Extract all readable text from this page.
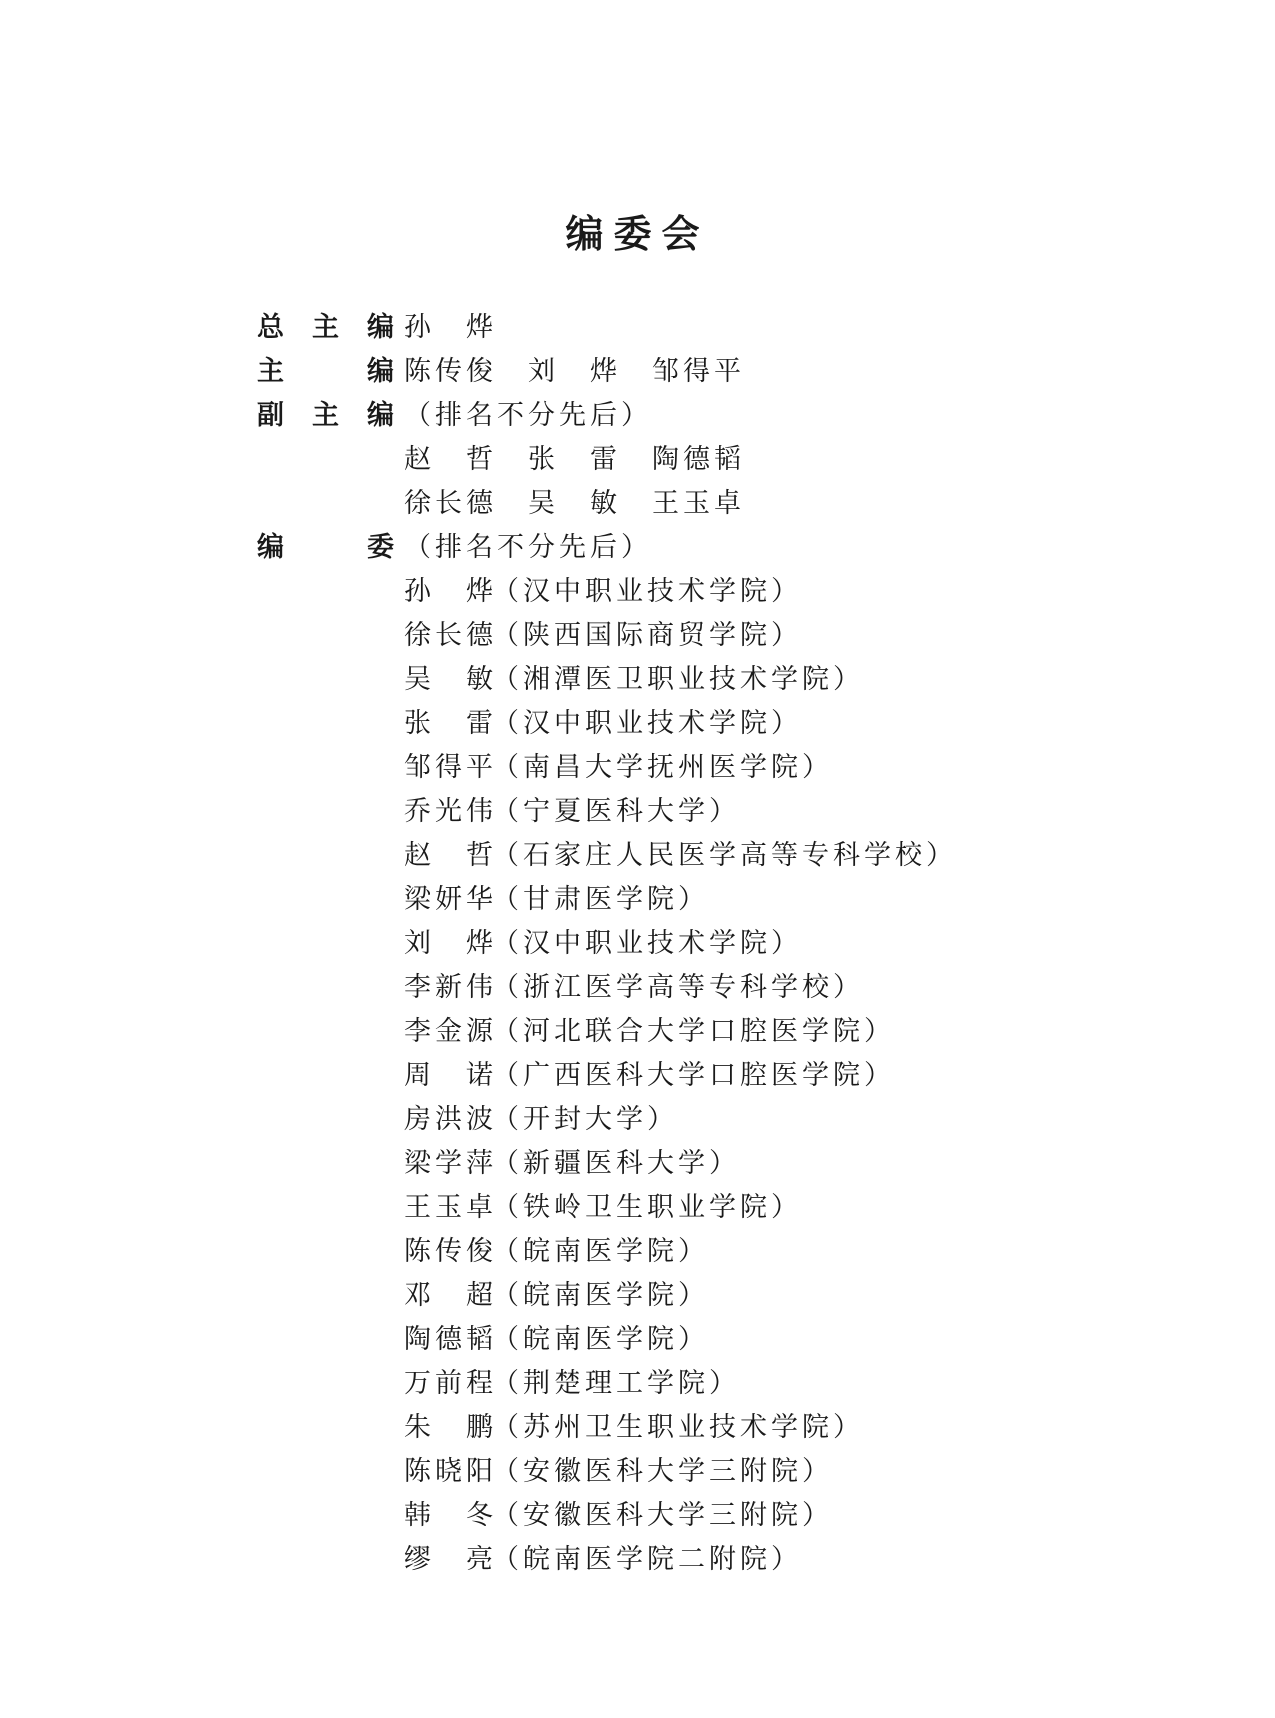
编委会
总 主 编 孙　烨
主	编 陈传俊　刘　烨　邹得平
副 主 编 （排名不分先后）
赵　哲　张　雷　陶德韬
徐长德　吴　敏　王玉卓
编	委 （排名不分先后）
孙　烨（汉中职业技术学院）
徐长德（陕西国际商贸学院）
吴　敏（湘潭医卫职业技术学院）
张　雷（汉中职业技术学院）
邹得平（南昌大学抚州医学院）
乔光伟（宁夏医科大学）
赵　哲（石家庄人民医学高等专科学校）
梁妍华（甘肃医学院）
刘　烨（汉中职业技术学院）
李新伟（浙江医学高等专科学校）
李金源（河北联合大学口腔医学院）
周　诺（广西医科大学口腔医学院）
房洪波（开封大学）
梁学萍（新疆医科大学）
王玉卓（铁岭卫生职业学院）
陈传俊（皖南医学院）
邓　超（皖南医学院）
陶德韬（皖南医学院）
万前程（荆楚理工学院）
朱　鹏（苏州卫生职业技术学院）
陈晓阳（安徽医科大学三附院）
韩　冬（安徽医科大学三附院）
缪　亮（皖南医学院二附院）
